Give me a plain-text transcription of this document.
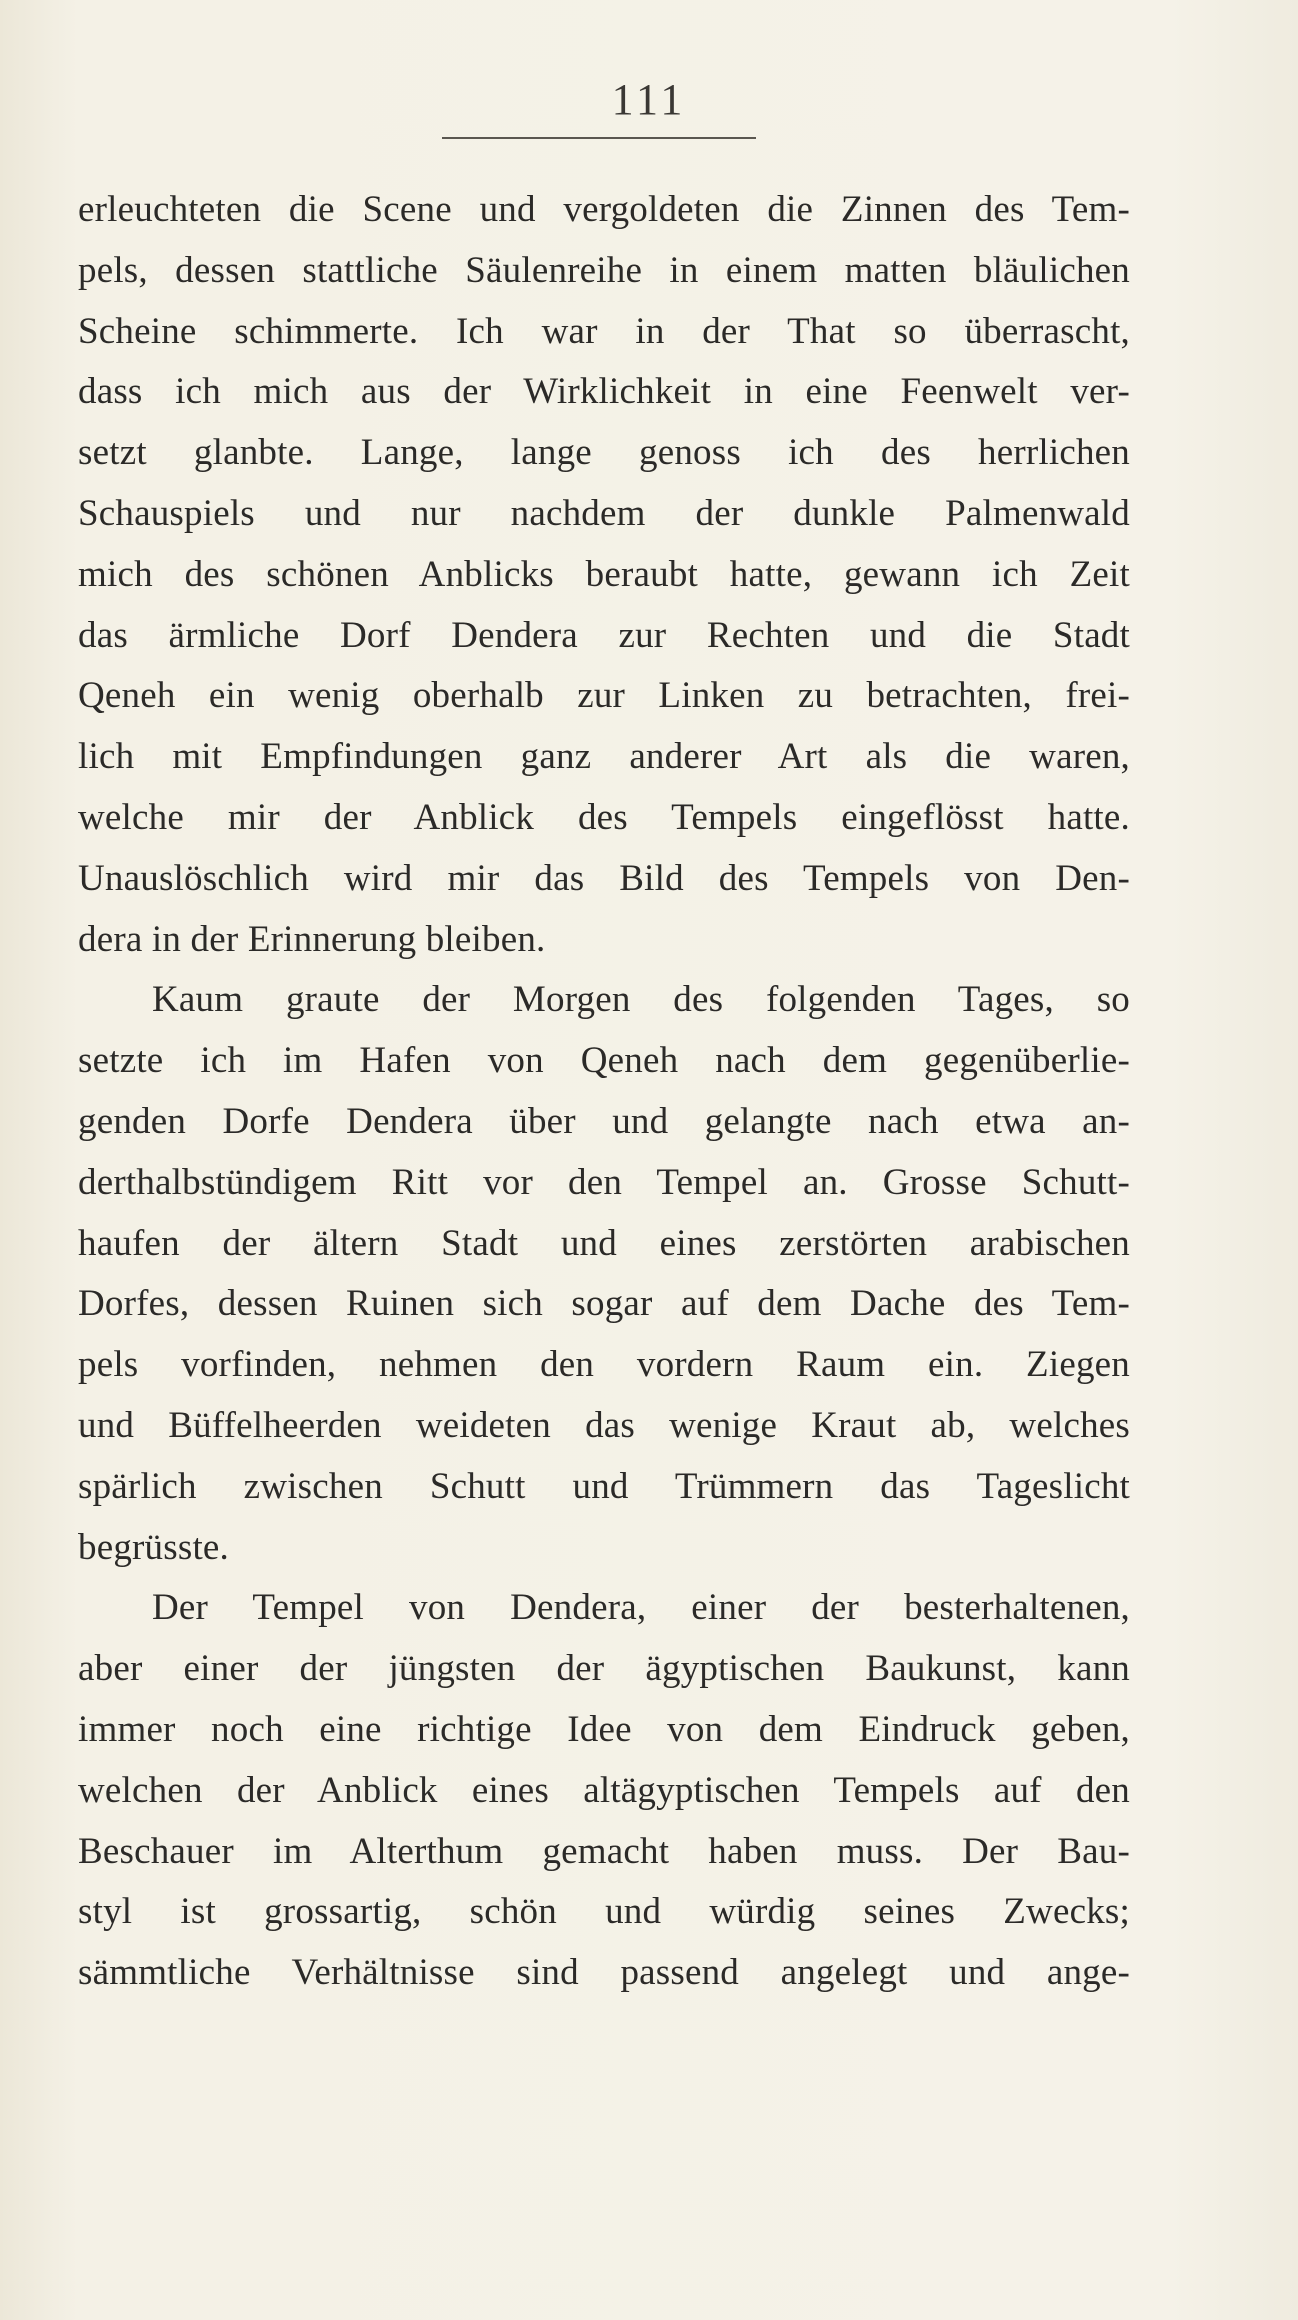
111
erleuchteten die Scene und vergoldeten die Zinnen des Tem-
pels, dessen stattliche Säulenreihe in einem matten bläulichen
Scheine schimmerte. Ich war in der That so überrascht,
dass ich mich aus der Wirklichkeit in eine Feenwelt ver-
setzt glanbte. Lange, lange genoss ich des herrlichen
Schauspiels und nur nachdem der dunkle Palmenwald
mich des schönen Anblicks beraubt hatte, gewann ich Zeit
das ärmliche Dorf Dendera zur Rechten und die Stadt
Qeneh ein wenig oberhalb zur Linken zu betrachten, frei-
lich mit Empfindungen ganz anderer Art als die waren,
welche mir der Anblick des Tempels eingeflösst hatte.
Unauslöschlich wird mir das Bild des Tempels von Den-
dera in der Erinnerung bleiben.
Kaum graute der Morgen des folgenden Tages, so
setzte ich im Hafen von Qeneh nach dem gegenüberlie-
genden Dorfe Dendera über und gelangte nach etwa an-
derthalbstündigem Ritt vor den Tempel an. Grosse Schutt-
haufen der ältern Stadt und eines zerstörten arabischen
Dorfes, dessen Ruinen sich sogar auf dem Dache des Tem-
pels vorfinden, nehmen den vordern Raum ein. Ziegen
und Büffelheerden weideten das wenige Kraut ab, welches
spärlich zwischen Schutt und Trümmern das Tageslicht
begrüsste.
Der Tempel von Dendera, einer der besterhaltenen,
aber einer der jüngsten der ägyptischen Baukunst, kann
immer noch eine richtige Idee von dem Eindruck geben,
welchen der Anblick eines altägyptischen Tempels auf den
Beschauer im Alterthum gemacht haben muss. Der Bau-
styl ist grossartig, schön und würdig seines Zwecks;
sämmtliche Verhältnisse sind passend angelegt und ange-
